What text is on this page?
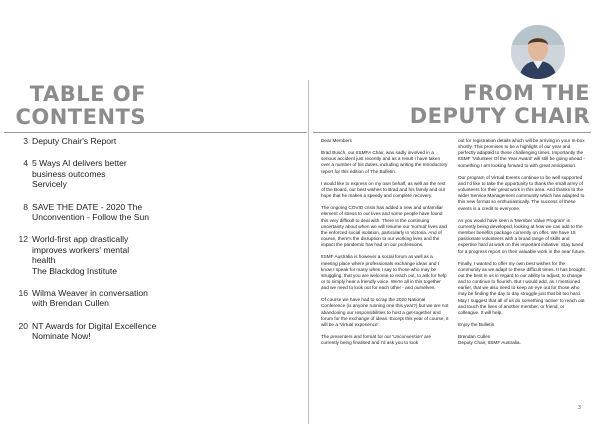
TABLE OF
CONTENTS
3 Deputy Chair's Report
4 5 Ways AI delivers better
business outcomes
Servicely
8 SAVE THE DATE - 2020 The
Unconvention - Follow the Sun
12 World-first app drastically
improves workers' mental
health
The Blackdog Institute
16 Wilma Weaver in conversation
with Brendan Cullen
20 NT Awards for Digital Excellence
Nominate Now!
FROM THE
DEPUTY CHAIR

Dear Members

Brad Busch, our ItSMFA Chair, was sadly involved in a serious accident just recently and as a result I have taken over a number of his duties, including writing the Introductory report for this edition of The Bulletin.

I would like to express on my own behalf, as well as the rest of the Board, our best wishes to Brad and his family and our hope that he makes a speedy and complete recovery.

The ongoing COVID crisis has added a new and unfamiliar element of stress to our lives and some people have found this very difficult to deal with. There is the continuing uncertainty about when we will resume our 'normal' lives and the enforced social isolation, particularly in Victoria. And of course, there's the disruption to our working lives and the impact the pandemic has had on our professions.

ItSMF Australia is however a social forum as well as a meeting place where professionals exchange ideas and I know I speak for many when I say to those who may be struggling, that you are welcome to reach out, to ask for help or to simply hear a friendly voice. We're all in this together and we need to look out for each other - and ourselves.

Of course we have had to scrap the 2020 National Conference (is anyone running one this year?) but we are not abandoning our responsibilities to host a get-together and forum for the exchange of ideas. Except this year of course, it will be a 'Virtual experience'.

The presenters and format for our 'Unconvention' are currently being finalised and I'd ask you to look

out for registration details which will be arriving in your In-box shortly. This promises to be a highlight of our year and perfectly adapted to these challenging times. Importantly the ItSMF 'Volunteer Of the Year Award' will still be going ahead - something I am looking forward to with great anticipation.

Our program of Virtual Events continue to be well supported and I'd like to take the opportunity to thank the small army of volunteers for their great work in this area. And thanks to the wider Service Management community which has adapted to this new format so enthusiastically. The success of these events is a credit to everyone.

As you would have seen a 'Member Value Program' is currently being developed, looking at how we can add to the member benefits package currently on offer. We have 15 passionate volunteers with a broad range of skills and expertise hard at work on this important initiative. Stay tuned for a progress report on their valuable work in the near future.

Finally, I wanted to offer my own best wishes for the community as we adapt to these difficult times. It has brought out the best in us in regard to our ability to adjust, to change and to continue to flourish. But I would add, as I mentioned earlier, that we also need to keep an eye out for those who may be finding the day to day struggle just that bit too hard. May I suggest that all of us do something 'active' to reach out and touch the lives of another member, or friend, or colleague. It will help.

Enjoy the Bulletin.

Brendan Cullen
Deputy Chair, ItSMF Australia.

3
